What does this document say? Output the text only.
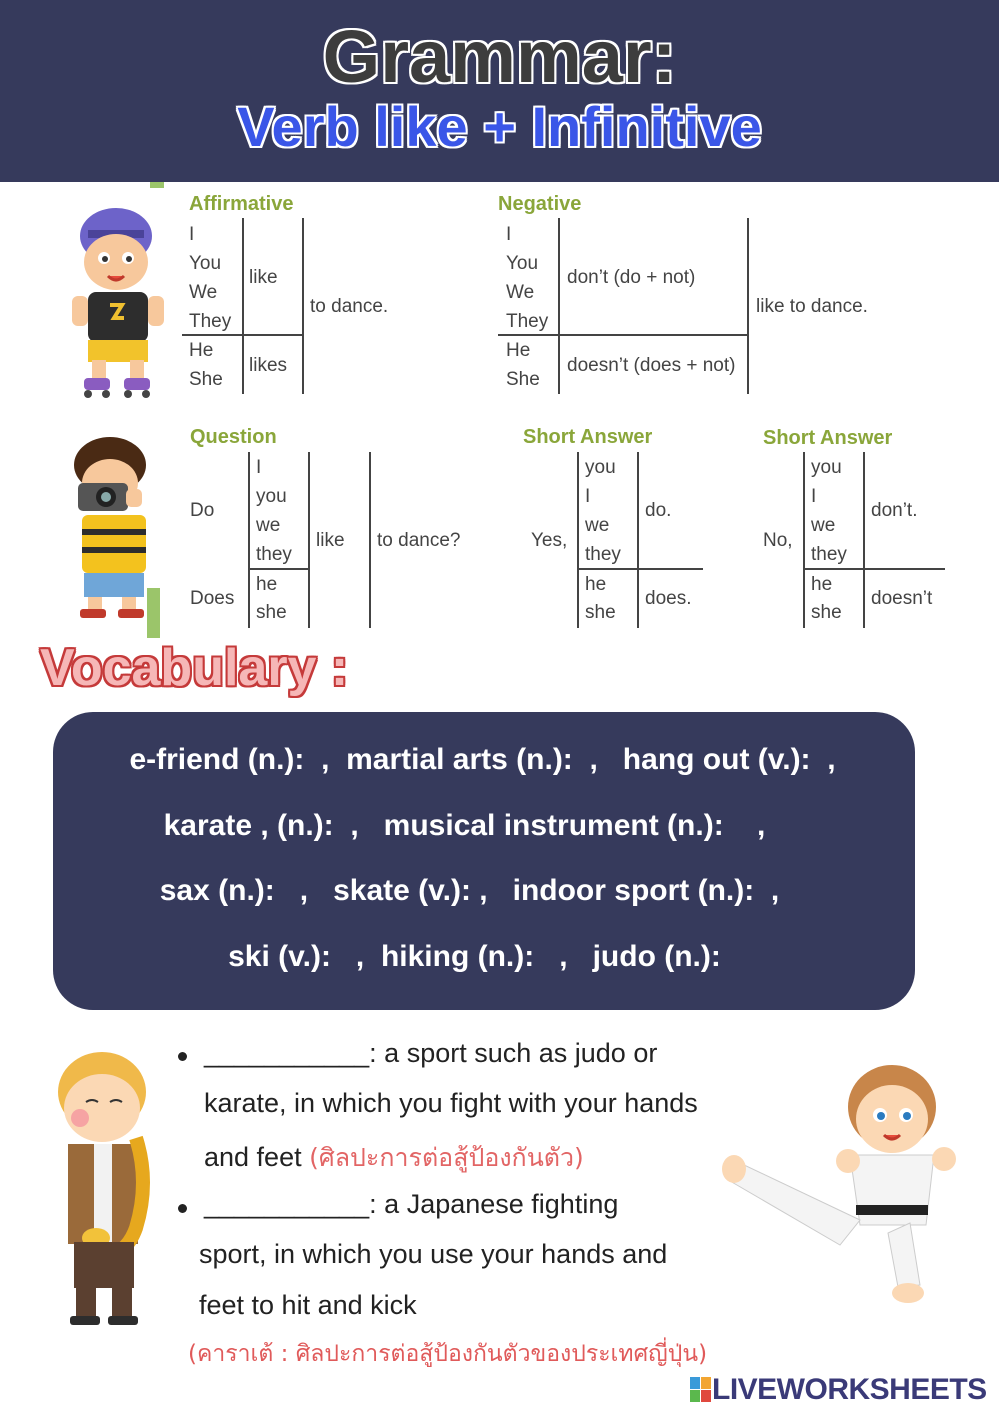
Grammar:
Verb like + Infinitive
Affirmative
I
You
We
They
He
She
like
likes
to dance.
Negative
I
You
We
They
He
She
don’t (do + not)
doesn’t (does + not)
like to dance.
Question
Do
Does
I
you
we
they
he
she
like to dance?
Short Answer
Yes,
you
I
we
they
he
she
do.
does.
Short Answer
No,
you
I
we
they
he
she
don’t.
doesn’t
Vocabulary :
e-friend (n.):  ,  martial arts (n.):  ,   hang out (v.):  ,
karate , (n.):  ,   musical instrument (n.):    ,
sax (n.):   ,   skate (v.): ,   indoor sport (n.):  ,
ski (v.):   ,  hiking (n.):   ,   judo (n.):
___________: a sport such as judo or
karate, in which you fight with your hands
and feet (ศิลปะการต่อสู้ป้องกันตัว)
___________: a Japanese fighting
sport, in which you use your hands and
feet to hit and kick
(คาราเต้ : ศิลปะการต่อสู้ป้องกันตัวของประเทศญี่ปุ่น)
LIVEWORKSHEETS
